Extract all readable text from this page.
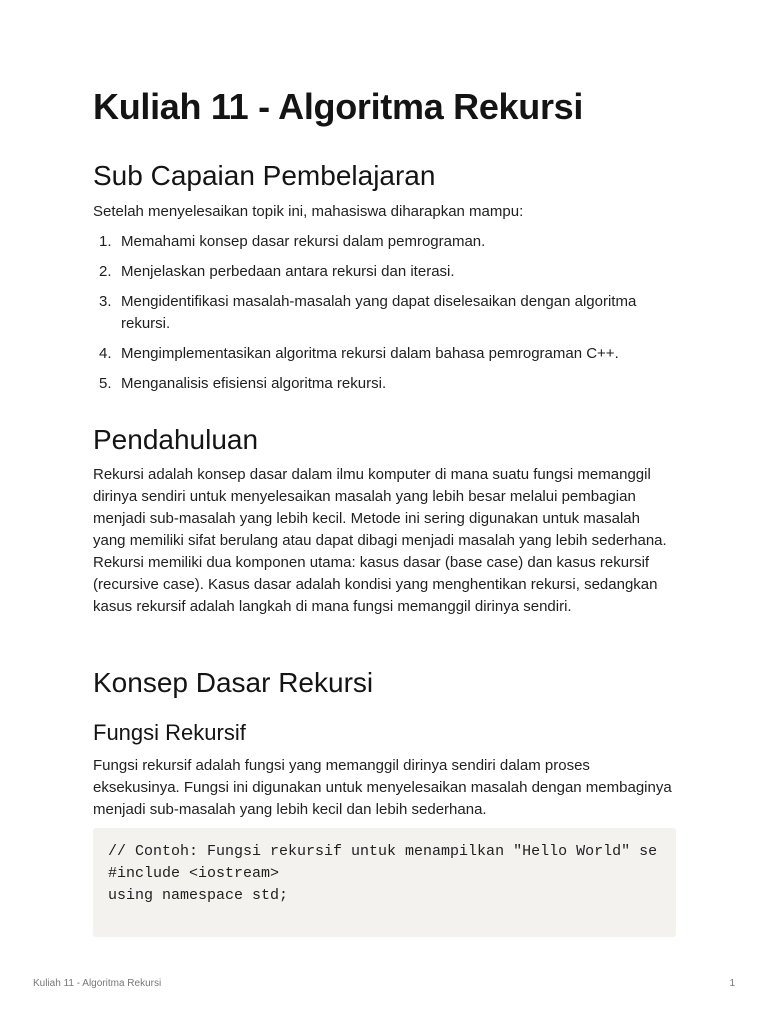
Kuliah 11 - Algoritma Rekursi
Sub Capaian Pembelajaran

Setelah menyelesaikan topik ini, mahasiswa diharapkan mampu:

1. Memahami konsep dasar rekursi dalam pemrograman.
2. Menjelaskan perbedaan antara rekursi dan iterasi.
3. Mengidentifikasi masalah-masalah yang dapat diselesaikan dengan algoritma rekursi.
4. Mengimplementasikan algoritma rekursi dalam bahasa pemrograman C++.
5. Menganalisis efisiensi algoritma rekursi.
Pendahuluan

Rekursi adalah konsep dasar dalam ilmu komputer di mana suatu fungsi memanggil dirinya sendiri untuk menyelesaikan masalah yang lebih besar melalui pembagian menjadi sub-masalah yang lebih kecil. Metode ini sering digunakan untuk masalah yang memiliki sifat berulang atau dapat dibagi menjadi masalah yang lebih sederhana. Rekursi memiliki dua komponen utama: kasus dasar (base case) dan kasus rekursif (recursive case). Kasus dasar adalah kondisi yang menghentikan rekursi, sedangkan kasus rekursif adalah langkah di mana fungsi memanggil dirinya sendiri.

Konsep Dasar Rekursi
Fungsi Rekursif

Fungsi rekursif adalah fungsi yang memanggil dirinya sendiri dalam proses eksekusinya. Fungsi ini digunakan untuk menyelesaikan masalah dengan membaginya menjadi sub-masalah yang lebih kecil dan lebih sederhana.

// Contoh: Fungsi rekursif untuk menampilkan "Hello World" se
#include <iostream>
using namespace std;
Kuliah 11 - Algoritma Rekursi	1
